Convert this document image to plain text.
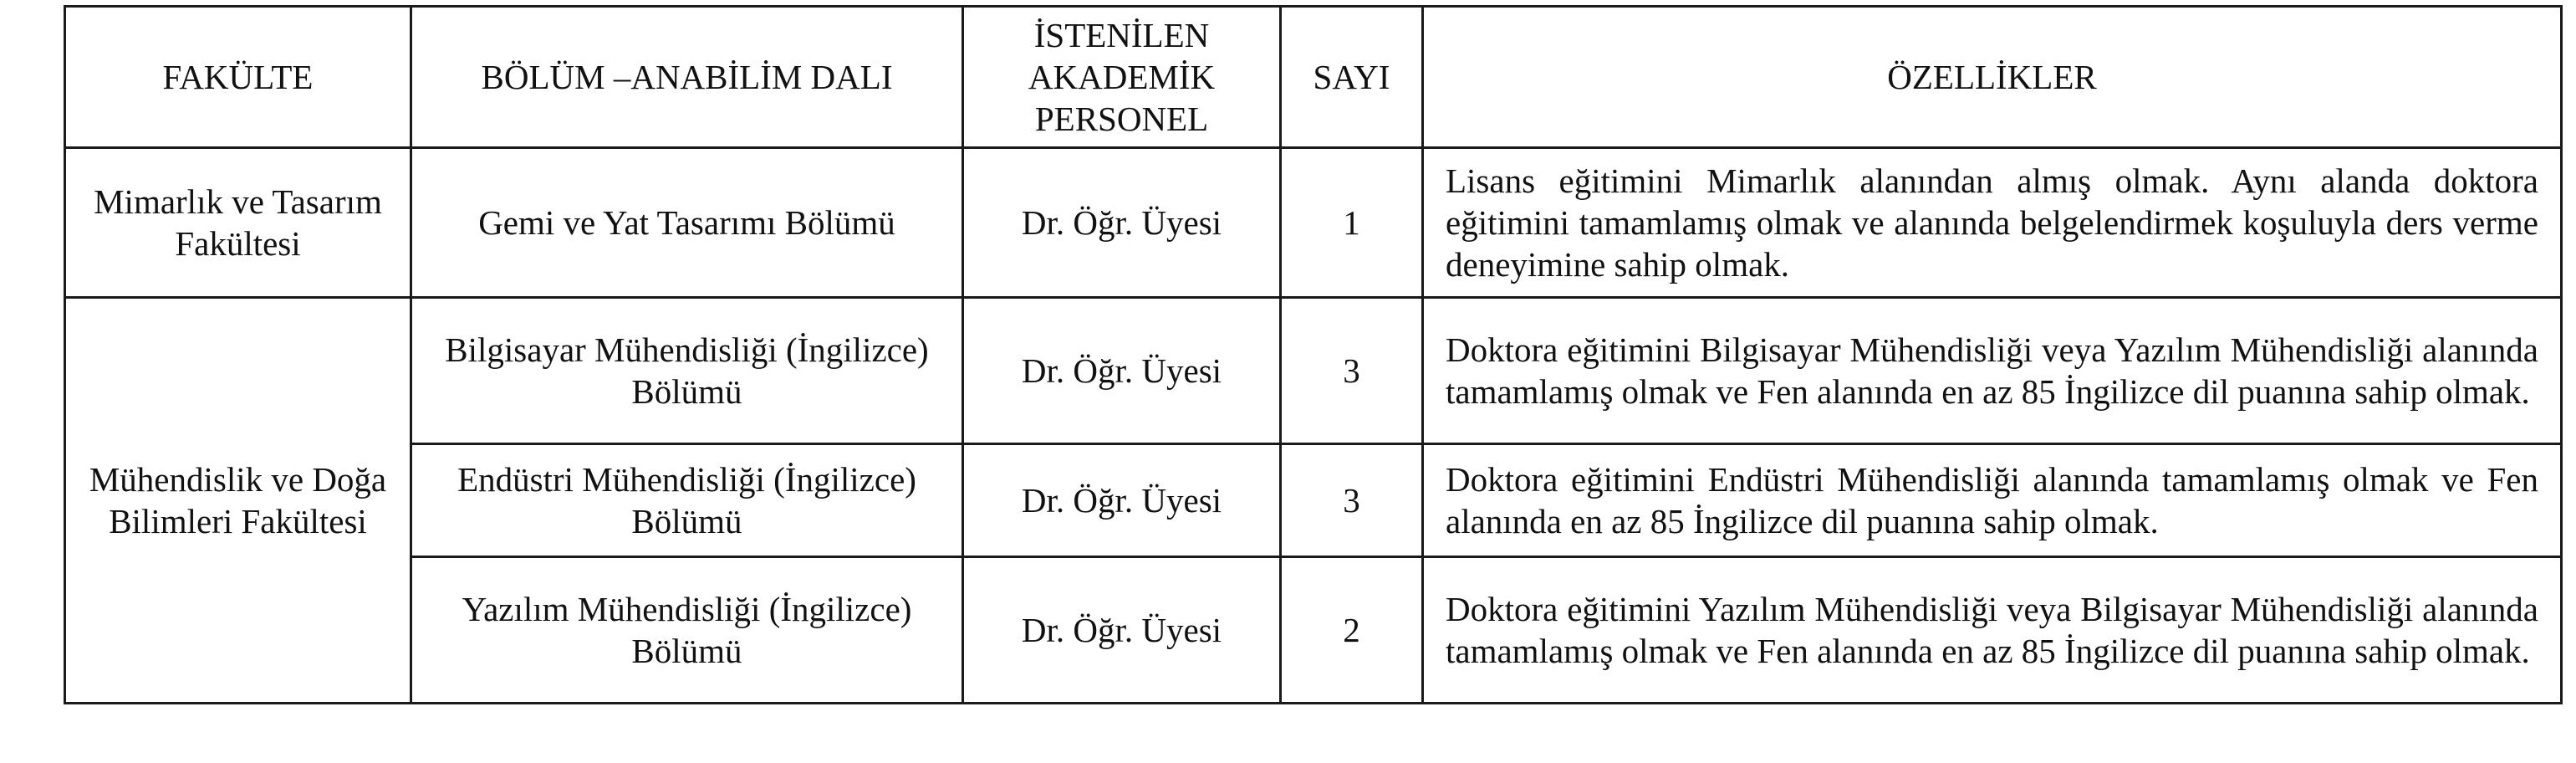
FAKÜLTE	BÖLÜM –ANABİLİM DALI	İSTENİLEN AKADEMİK PERSONEL	SAYI	ÖZELLİKLER
Mimarlık ve Tasarım Fakültesi	Gemi ve Yat Tasarımı Bölümü	Dr. Öğr. Üyesi	1	Lisans eğitimini Mimarlık alanından almış olmak. Aynı alanda doktora eğitimini tamamlamış olmak ve alanında belgelendirmek koşuluyla ders verme deneyimine sahip olmak.
Mühendislik ve Doğa Bilimleri Fakültesi	Bilgisayar Mühendisliği (İngilizce) Bölümü	Dr. Öğr. Üyesi	3	Doktora eğitimini Bilgisayar Mühendisliği veya Yazılım Mühendisliği alanında tamamlamış olmak ve Fen alanında en az 85 İngilizce dil puanına sahip olmak.
	Endüstri Mühendisliği (İngilizce) Bölümü	Dr. Öğr. Üyesi	3	Doktora eğitimini Endüstri Mühendisliği alanında tamamlamış olmak ve Fen alanında en az 85 İngilizce dil puanına sahip olmak.
	Yazılım Mühendisliği (İngilizce) Bölümü	Dr. Öğr. Üyesi	2	Doktora eğitimini Yazılım Mühendisliği veya Bilgisayar Mühendisliği alanında tamamlamış olmak ve Fen alanında en az 85 İngilizce dil puanına sahip olmak.
